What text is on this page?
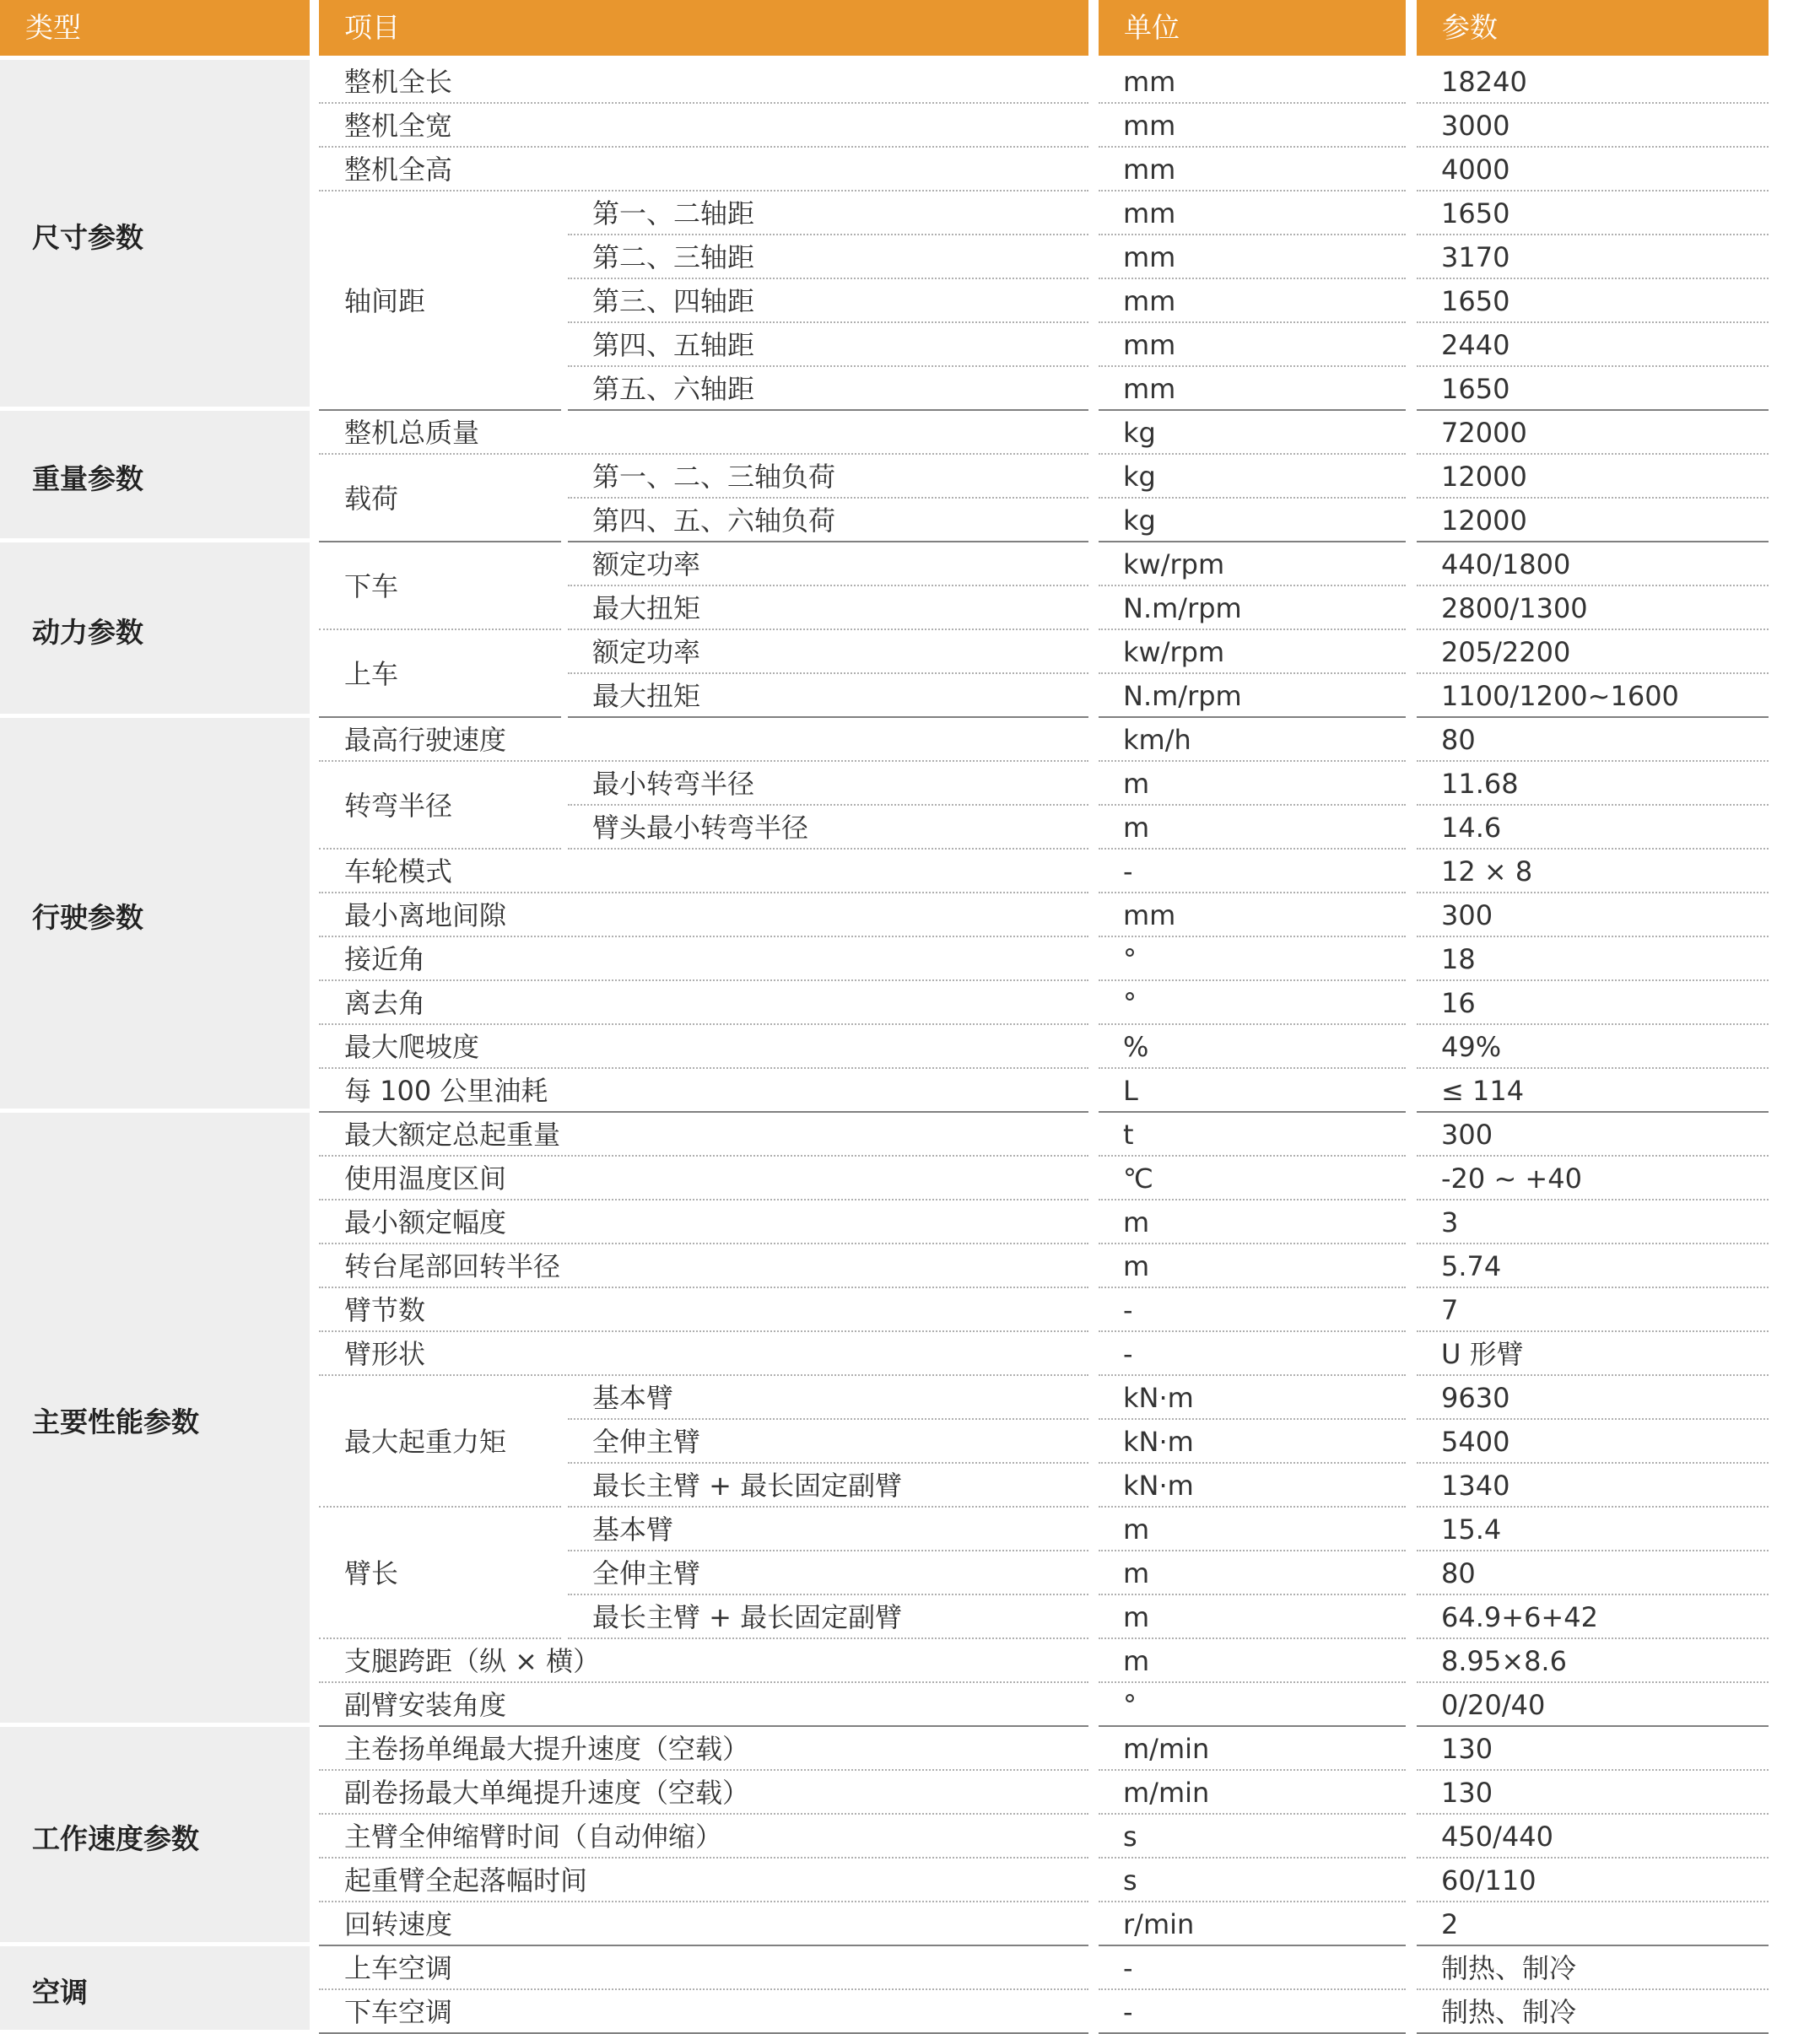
类型	项目	单位	参数
尺寸参数
整机全长	mm	18240
整机全宽	mm	3000
整机全高	mm	4000
轴间距
第一、二轴距	mm	1650
第二、三轴距	mm	3170
第三、四轴距	mm	1650
第四、五轴距	mm	2440
第五、六轴距	mm	1650
重量参数
整机总质量	kg	72000
载荷
第一、二、三轴负荷	kg	12000
第四、五、六轴负荷	kg	12000
动力参数
下车
额定功率	kw/rpm	440/1800
最大扭矩	N.m/rpm	2800/1300
上车
额定功率	kw/rpm	205/2200
最大扭矩	N.m/rpm	1100/1200~1600
行驶参数
最高行驶速度	km/h	80
转弯半径
最小转弯半径	m	11.68
臂头最小转弯半径	m	14.6
车轮模式	-	12 × 8
最小离地间隙	mm	300
接近角	°	18
离去角	°	16
最大爬坡度	%	49%
每 100 公里油耗	L	≤ 114
主要性能参数
最大额定总起重量	t	300
使用温度区间	℃	-20 ~ +40
最小额定幅度	m	3
转台尾部回转半径	m	5.74
臂节数	-	7
臂形状	-	U 形臂
最大起重力矩
基本臂	kN·m	9630
全伸主臂	kN·m	5400
最长主臂 + 最长固定副臂	kN·m	1340
臂长
基本臂	m	15.4
全伸主臂	m	80
最长主臂 + 最长固定副臂	m	64.9+6+42
支腿跨距（纵 × 横）	m	8.95×8.6
副臂安装角度	°	0/20/40
工作速度参数
主卷扬单绳最大提升速度（空载）	m/min	130
副卷扬最大单绳提升速度（空载）	m/min	130
主臂全伸缩臂时间（自动伸缩）	s	450/440
起重臂全起落幅时间	s	60/110
回转速度	r/min	2
空调
上车空调	-	制热、制冷
下车空调	-	制热、制冷
